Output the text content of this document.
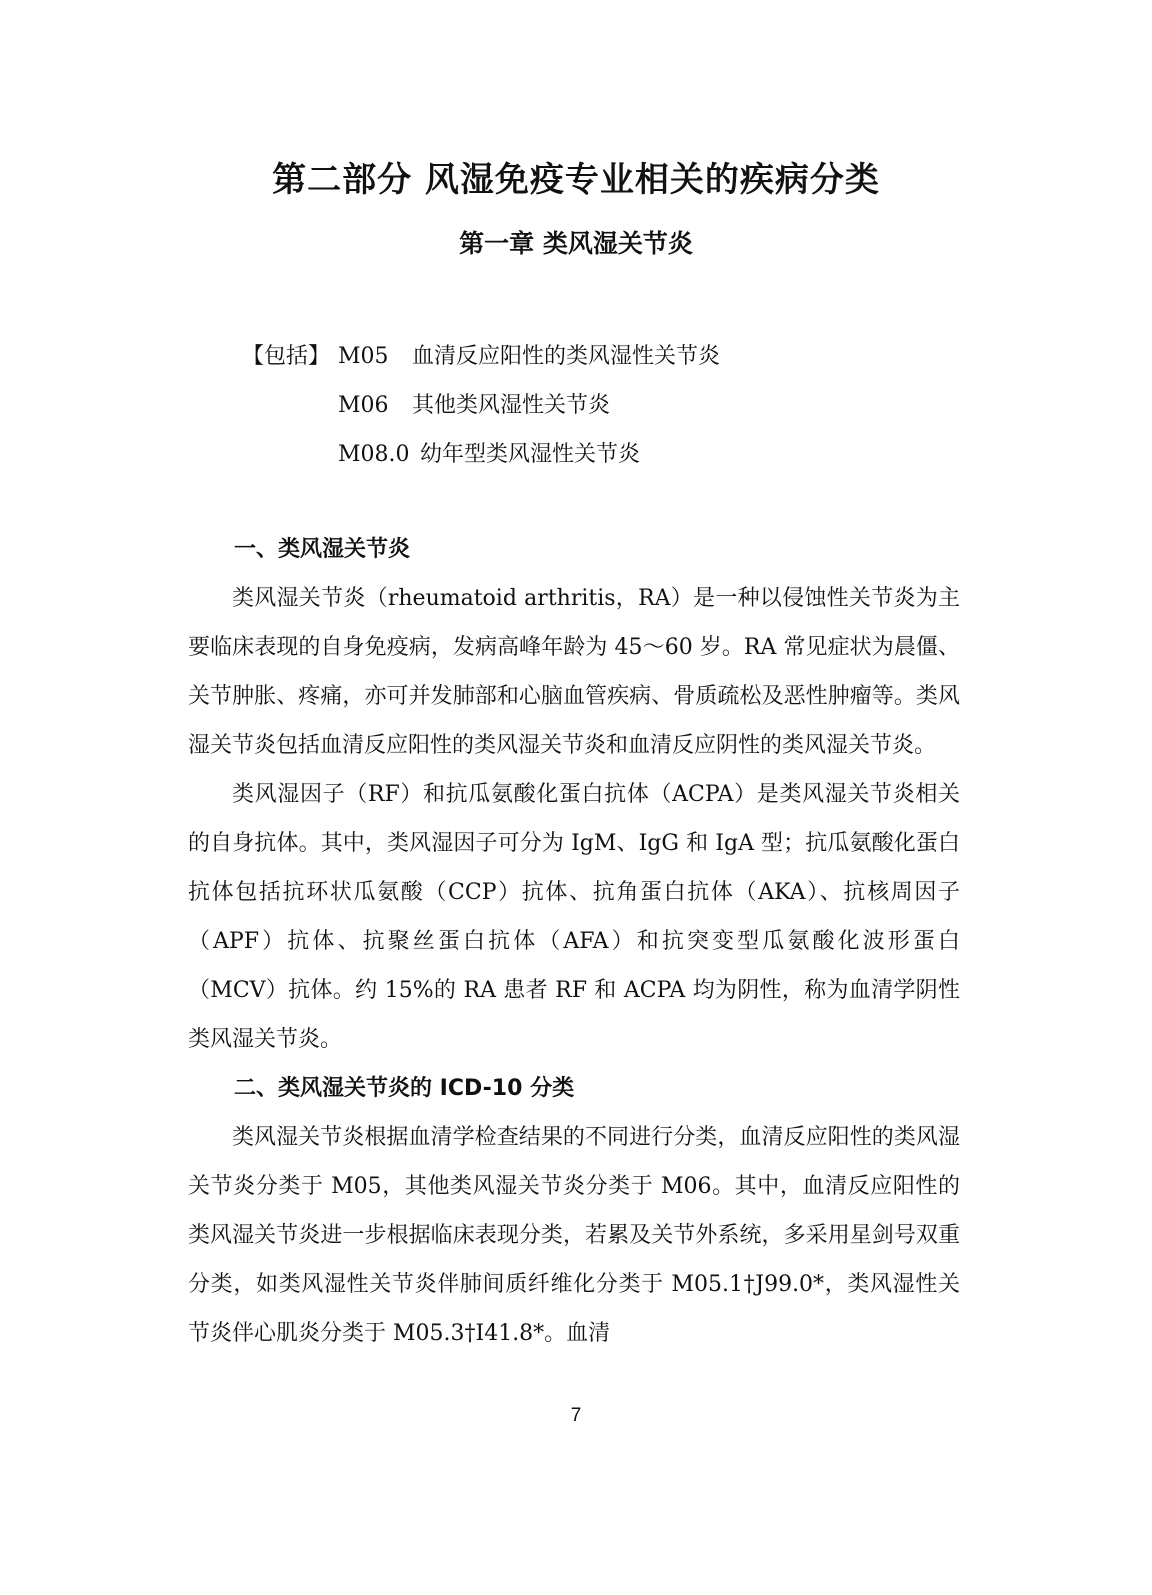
第二部分 风湿免疫专业相关的疾病分类
第一章 类风湿关节炎
【包括】 M05	血清反应阳性的类风湿性关节炎
M06	其他类风湿性关节炎
M08.0 幼年型类风湿性关节炎
一、类风湿关节炎

类风湿关节炎（rheumatoid arthritis，RA）是一种以侵蚀性关节炎为主要临床表现的自身免疫病，发病高峰年龄为 45～60 岁。RA 常见症状为晨僵、关节肿胀、疼痛，亦可并发肺部和心脑血管疾病、骨质疏松及恶性肿瘤等。类风湿关节炎包括血清反应阳性的类风湿关节炎和血清反应阴性的类风湿关节炎。

类风湿因子（RF）和抗瓜氨酸化蛋白抗体（ACPA）是类风湿关节炎相关的自身抗体。其中，类风湿因子可分为 IgM、IgG 和 IgA 型；抗瓜氨酸化蛋白抗体包括抗环状瓜氨酸（CCP）抗体、抗角蛋白抗体（AKA）、抗核周因子（APF）抗体、抗聚丝蛋白抗体（AFA）和抗突变型瓜氨酸化波形蛋白（MCV）抗体。约 15%的 RA 患者 RF 和 ACPA 均为阴性，称为血清学阴性类风湿关节炎。

二、类风湿关节炎的 ICD-10 分类

类风湿关节炎根据血清学检查结果的不同进行分类，血清反应阳性的类风湿关节炎分类于 M05，其他类风湿关节炎分类于 M06。其中，血清反应阳性的类风湿关节炎进一步根据临床表现分类，若累及关节外系统，多采用星剑号双重分类，如类风湿性关节炎伴肺间质纤维化分类于 M05.1†J99.0*，类风湿性关节炎伴心肌炎分类于 M05.3†I41.8*。血清

7
